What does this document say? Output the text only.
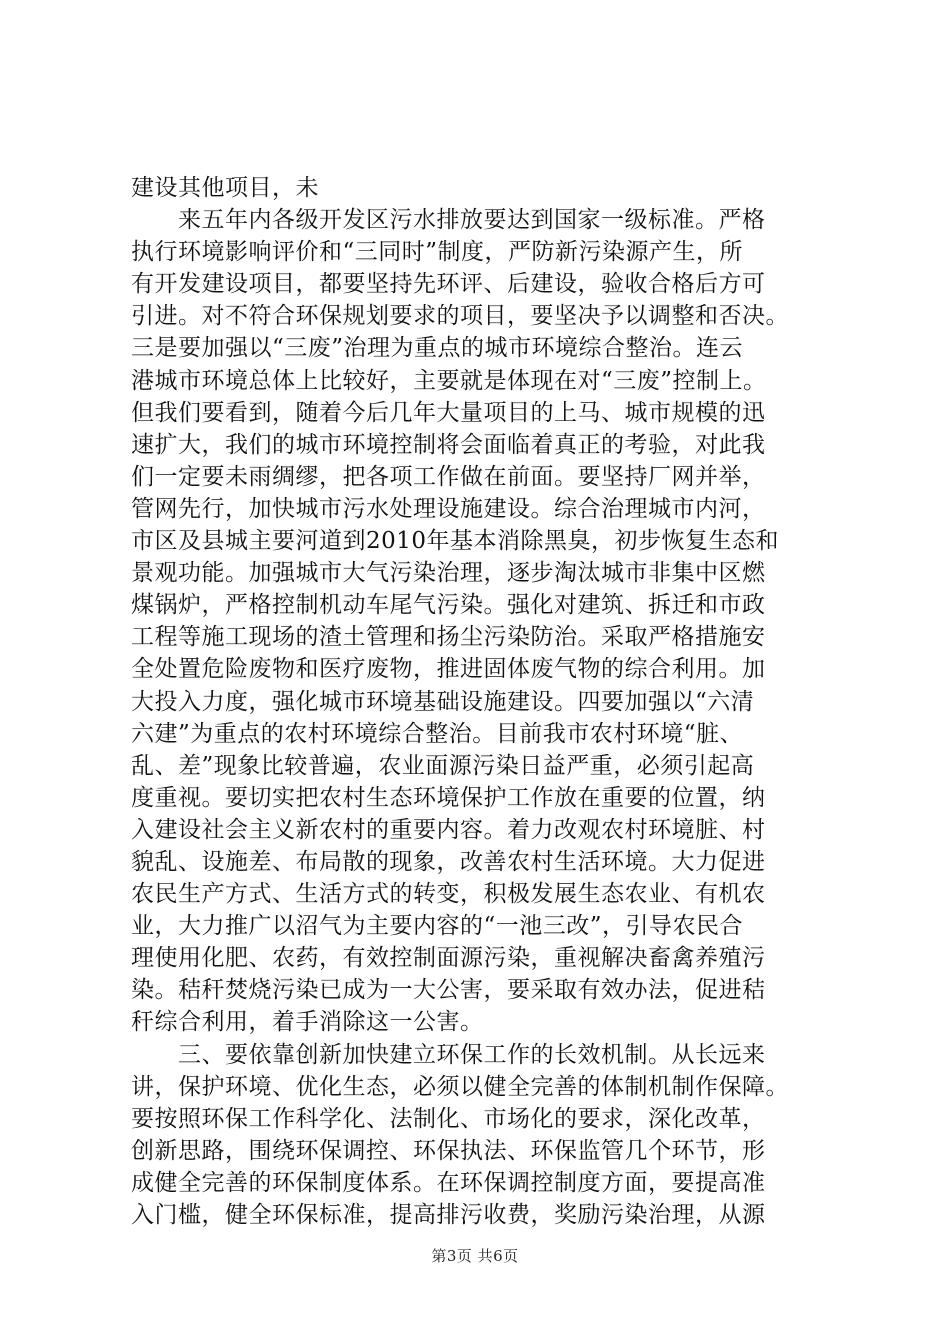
建设其他项目，未
　　来五年内各级开发区污水排放要达到国家一级标准。严格
执行环境影响评价和“三同时”制度，严防新污染源产生，所
有开发建设项目，都要坚持先环评、后建设，验收合格后方可
引进。对不符合环保规划要求的项目，要坚决予以调整和否决。
三是要加强以“三废”治理为重点的城市环境综合整治。连云
港城市环境总体上比较好，主要就是体现在对“三废”控制上。
但我们要看到，随着今后几年大量项目的上马、城市规模的迅
速扩大，我们的城市环境控制将会面临着真正的考验，对此我
们一定要未雨绸缪，把各项工作做在前面。要坚持厂网并举，
管网先行，加快城市污水处理设施建设。综合治理城市内河，
市区及县城主要河道到2010年基本消除黑臭，初步恢复生态和
景观功能。加强城市大气污染治理，逐步淘汰城市非集中区燃
煤锅炉，严格控制机动车尾气污染。强化对建筑、拆迁和市政
工程等施工现场的渣土管理和扬尘污染防治。采取严格措施安
全处置危险废物和医疗废物，推进固体废气物的综合利用。加
大投入力度，强化城市环境基础设施建设。四要加强以“六清
六建”为重点的农村环境综合整治。目前我市农村环境“脏、
乱、差”现象比较普遍，农业面源污染日益严重，必须引起高
度重视。要切实把农村生态环境保护工作放在重要的位置，纳
入建设社会主义新农村的重要内容。着力改观农村环境脏、村
貌乱、设施差、布局散的现象，改善农村生活环境。大力促进
农民生产方式、生活方式的转变，积极发展生态农业、有机农
业，大力推广以沼气为主要内容的“一池三改”，引导农民合
理使用化肥、农药，有效控制面源污染，重视解决畜禽养殖污
染。秸秆焚烧污染已成为一大公害，要采取有效办法，促进秸
秆综合利用，着手消除这一公害。
　　三、要依靠创新加快建立环保工作的长效机制。从长远来
讲，保护环境、优化生态，必须以健全完善的体制机制作保障。
要按照环保工作科学化、法制化、市场化的要求，深化改革，
创新思路，围绕环保调控、环保执法、环保监管几个环节，形
成健全完善的环保制度体系。在环保调控制度方面，要提高准
入门槛，健全环保标准，提高排污收费，奖励污染治理，从源
第3页 共6页
